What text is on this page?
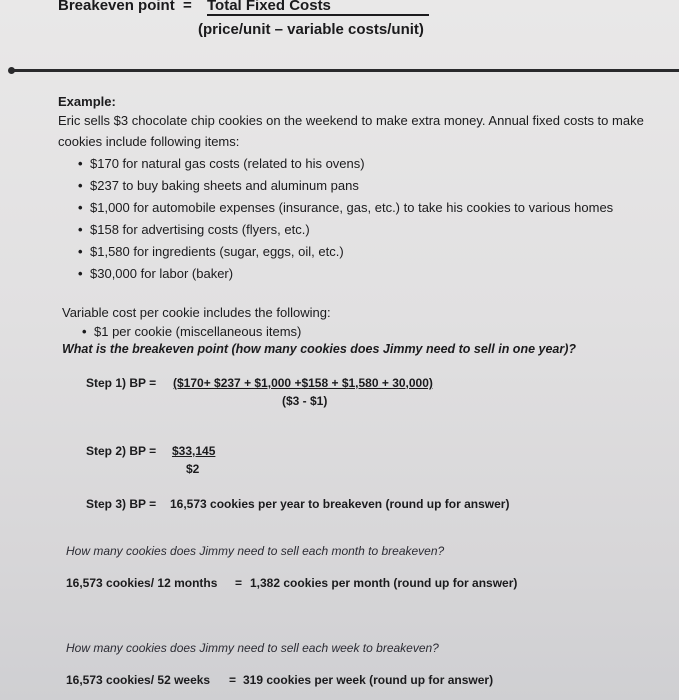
Breakeven point = Total Fixed Costs
(price/unit – variable costs/unit)
Example:
Eric sells $3 chocolate chip cookies on the weekend to make extra money. Annual fixed costs to make
cookies include following items:
• $170 for natural gas costs (related to his ovens)
• $237 to buy baking sheets and aluminum pans
• $1,000 for automobile expenses (insurance, gas, etc.) to take his cookies to various homes
• $158 for advertising costs (flyers, etc.)
• $1,580 for ingredients (sugar, eggs, oil, etc.)
• $30,000 for labor (baker)
Variable cost per cookie includes the following:
• $1 per cookie (miscellaneous items)
What is the breakeven point (how many cookies does Jimmy need to sell in one year)?
Step 1) BP = ($170+ $237 + $1,000 +$158 + $1,580 + 30,000)
($3 - $1)
Step 2) BP = $33,145
$2
Step 3) BP = 16,573 cookies per year to breakeven (round up for answer)
How many cookies does Jimmy need to sell each month to breakeven?
16,573 cookies/ 12 months = 1,382 cookies per month (round up for answer)
How many cookies does Jimmy need to sell each week to breakeven?
16,573 cookies/ 52 weeks = 319 cookies per week (round up for answer)
